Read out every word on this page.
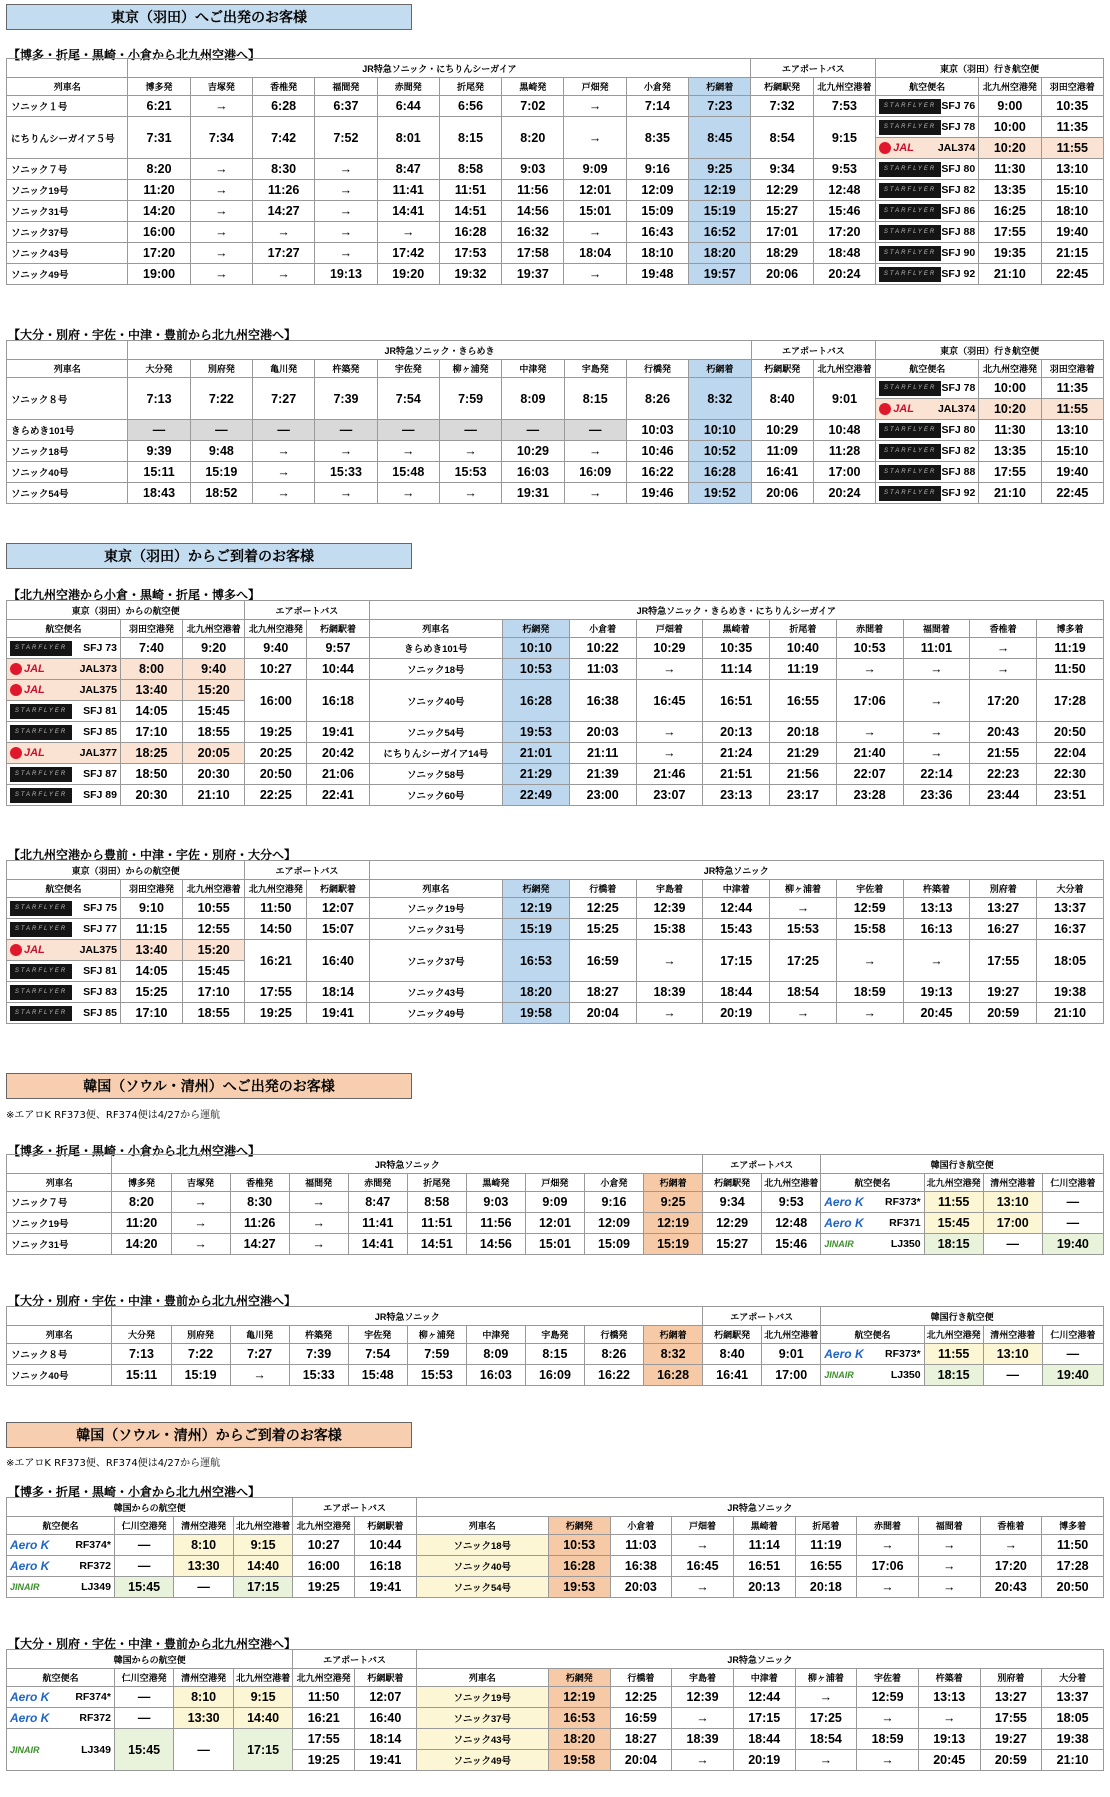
東京（羽田）へご出発のお客様
【博多・折尾・黒崎・小倉から北九州空港へ】
	JR特急ソニック・にちりんシーガイア										エアポートバス		東京（羽田）行き航空便		
列車名	博多発	吉塚発	香椎発	福間発	赤間発	折尾発	黒崎発	戸畑発	小倉発	朽網着	朽網駅発	北九州空港着	航空便名	北九州空港発	羽田空港着
ソニック１号	6:21	→	6:28	6:37	6:44	6:56	7:02	→	7:14	7:23	7:32	7:53	STARFLYER SFJ 76	9:00	10:35
にちりんシーガイア５号	7:31	7:34	7:42	7:52	8:01	8:15	8:20	→	8:35	8:45	8:54	9:15	STARFLYER SFJ 78	10:00	11:35

													JAL JAL374	10:20	11:55
ソニック７号	8:20	→	8:30	→	8:47	8:58	9:03	9:09	9:16	9:25	9:34	9:53	STARFLYER SFJ 80	11:30	13:10
ソニック19号	11:20	→	11:26	→	11:41	11:51	11:56	12:01	12:09	12:19	12:29	12:48	STARFLYER SFJ 82	13:35	15:10
ソニック31号	14:20	→	14:27	→	14:41	14:51	14:56	15:01	15:09	15:19	15:27	15:46	STARFLYER SFJ 86	16:25	18:10
ソニック37号	16:00	→	→	→	→	16:28	16:32	→	16:43	16:52	17:01	17:20	STARFLYER SFJ 88	17:55	19:40
ソニック43号	17:20	→	17:27	→	17:42	17:53	17:58	18:04	18:10	18:20	18:29	18:48	STARFLYER SFJ 90	19:35	21:15
ソニック49号	19:00	→	→	19:13	19:20	19:32	19:37	→	19:48	19:57	20:06	20:24	STARFLYER SFJ 92	21:10	22:45
【大分・別府・宇佐・中津・豊前から北九州空港へ】
	JR特急ソニック・きらめき										エアポートバス		東京（羽田）行き航空便		
列車名	大分発	別府発	亀川発	杵築発	宇佐発	柳ヶ浦発	中津発	宇島発	行橋発	朽網着	朽網駅発	北九州空港着	航空便名	北九州空港発	羽田空港着
ソニック８号	7:13	7:22	7:27	7:39	7:54	7:59	8:09	8:15	8:26	8:32	8:40	9:01	STARFLYER SFJ 78	10:00	11:35

													JAL JAL374	10:20	11:55
きらめき101号	—	—	—	—	—	—	—	—	10:03	10:10	10:29	10:48	STARFLYER SFJ 80	11:30	13:10
ソニック18号	9:39	9:48	→	→	→	→	10:29	→	10:46	10:52	11:09	11:28	STARFLYER SFJ 82	13:35	15:10
ソニック40号	15:11	15:19	→	15:33	15:48	15:53	16:03	16:09	16:22	16:28	16:41	17:00	STARFLYER SFJ 88	17:55	19:40
ソニック54号	18:43	18:52	→	→	→	→	19:31	→	19:46	19:52	20:06	20:24	STARFLYER SFJ 92	21:10	22:45
東京（羽田）からご到着のお客様
【北九州空港から小倉・黒崎・折尾・博多へ】
東京（羽田）からの航空便			エアポートバス		JR特急ソニック・きらめき・にちりんシーガイア									
航空便名	羽田空港発	北九州空港着	北九州空港発	朽網駅着	列車名	朽網発	小倉着	戸畑着	黒崎着	折尾着	赤間着	福間着	香椎着	博多着

STARFLYER SFJ 73	7:40	9:20	9:40	9:57	きらめき101号	10:10	10:22	10:29	10:35	10:40	10:53	11:01	→	11:19

JAL JAL373	8:00	9:40	10:27	10:44	ソニック18号	10:53	11:03	→	11:14	11:19	→	→	→	11:50

JAL JAL375	13:40	15:20	16:00	16:18	ソニック40号	16:28	16:38	16:45	16:51	16:55	17:06	→	17:20	17:28

STARFLYER SFJ 81	14:05	15:45												

STARFLYER SFJ 85	17:10	18:55	19:25	19:41	ソニック54号	19:53	20:03	→	20:13	20:18	→	→	20:43	20:50

JAL JAL377	18:25	20:05	20:25	20:42	にちりんシーガイア14号	21:01	21:11	→	21:24	21:29	21:40	→	21:55	22:04

STARFLYER SFJ 87	18:50	20:30	20:50	21:06	ソニック58号	21:29	21:39	21:46	21:51	21:56	22:07	22:14	22:23	22:30

STARFLYER SFJ 89	20:30	21:10	22:25	22:41	ソニック60号	22:49	23:00	23:07	23:13	23:17	23:28	23:36	23:44	23:51
【北九州空港から豊前・中津・宇佐・別府・大分へ】
東京（羽田）からの航空便			エアポートバス		JR特急ソニック									
航空便名	羽田空港発	北九州空港着	北九州空港発	朽網駅着	列車名	朽網発	行橋着	宇島着	中津着	柳ヶ浦着	宇佐着	杵築着	別府着	大分着

STARFLYER SFJ 75	9:10	10:55	11:50	12:07	ソニック19号	12:19	12:25	12:39	12:44	→	12:59	13:13	13:27	13:37

STARFLYER SFJ 77	11:15	12:55	14:50	15:07	ソニック31号	15:19	15:25	15:38	15:43	15:53	15:58	16:13	16:27	16:37

JAL JAL375	13:40	15:20	16:21	16:40	ソニック37号	16:53	16:59	→	17:15	17:25	→	→	17:55	18:05

STARFLYER SFJ 81	14:05	15:45												

STARFLYER SFJ 83	15:25	17:10	17:55	18:14	ソニック43号	18:20	18:27	18:39	18:44	18:54	18:59	19:13	19:27	19:38

STARFLYER SFJ 85	17:10	18:55	19:25	19:41	ソニック49号	19:58	20:04	→	20:19	→	→	20:45	20:59	21:10
韓国（ソウル・清州）へご出発のお客様
※エアロK RF373便、RF374便は4/27から運航
【博多・折尾・黒崎・小倉から北九州空港へ】
	JR特急ソニック										エアポートバス		韓国行き航空便			
列車名	博多発	吉塚発	香椎発	福間発	赤間発	折尾発	黒崎発	戸畑発	小倉発	朽網着	朽網駅発	北九州空港着	航空便名	北九州空港発	清州空港着	仁川空港着
ソニック７号	8:20	→	8:30	→	8:47	8:58	9:03	9:09	9:16	9:25	9:34	9:53	Aero K RF373*	11:55	13:10	—
ソニック19号	11:20	→	11:26	→	11:41	11:51	11:56	12:01	12:09	12:19	12:29	12:48	Aero K RF371	15:45	17:00	—
ソニック31号	14:20	→	14:27	→	14:41	14:51	14:56	15:01	15:09	15:19	15:27	15:46	JINAIR LJ350	18:15	—	19:40
【大分・別府・宇佐・中津・豊前から北九州空港へ】
	JR特急ソニック										エアポートバス		韓国行き航空便			
列車名	大分発	別府発	亀川発	杵築発	宇佐発	柳ヶ浦発	中津発	宇島発	行橋発	朽網着	朽網駅発	北九州空港着	航空便名	北九州空港発	清州空港着	仁川空港着
ソニック８号	7:13	7:22	7:27	7:39	7:54	7:59	8:09	8:15	8:26	8:32	8:40	9:01	Aero K RF373*	11:55	13:10	—
ソニック40号	15:11	15:19	→	15:33	15:48	15:53	16:03	16:09	16:22	16:28	16:41	17:00	JINAIR LJ350	18:15	—	19:40
韓国（ソウル・清州）からご到着のお客様
※エアロK RF373便、RF374便は4/27から運航
【博多・折尾・黒崎・小倉から北九州空港へ】
韓国からの航空便				エアポートバス		JR特急ソニック									
航空便名	仁川空港発	清州空港発	北九州空港着	北九州空港発	朽網駅着	列車名	朽網発	小倉着	戸畑着	黒崎着	折尾着	赤間着	福間着	香椎着	博多着

Aero K RF374*	—	8:10	9:15	10:27	10:44	ソニック18号	10:53	11:03	→	11:14	11:19	→	→	→	11:50

Aero K RF372	—	13:30	14:40	16:00	16:18	ソニック40号	16:28	16:38	16:45	16:51	16:55	17:06	→	17:20	17:28

JINAIR LJ349	15:45	—	17:15	19:25	19:41	ソニック54号	19:53	20:03	→	20:13	20:18	→	→	20:43	20:50
【大分・別府・宇佐・中津・豊前から北九州空港へ】
韓国からの航空便				エアポートバス		JR特急ソニック									
航空便名	仁川空港発	清州空港発	北九州空港着	北九州空港発	朽網駅着	列車名	朽網発	行橋着	宇島着	中津着	柳ヶ浦着	宇佐着	杵築着	別府着	大分着

Aero K RF374*	—	8:10	9:15	11:50	12:07	ソニック19号	12:19	12:25	12:39	12:44	→	12:59	13:13	13:27	13:37

Aero K RF372	—	13:30	14:40	16:21	16:40	ソニック37号	16:53	16:59	→	17:15	17:25	→	→	17:55	18:05

JINAIR LJ349	15:45	—	17:15	17:55	18:14	ソニック43号	18:20	18:27	18:39	18:44	18:54	18:59	19:13	19:27	19:38
				19:25	19:41	ソニック49号	19:58	20:04	→	20:19	→	→	20:45	20:59	21:10
